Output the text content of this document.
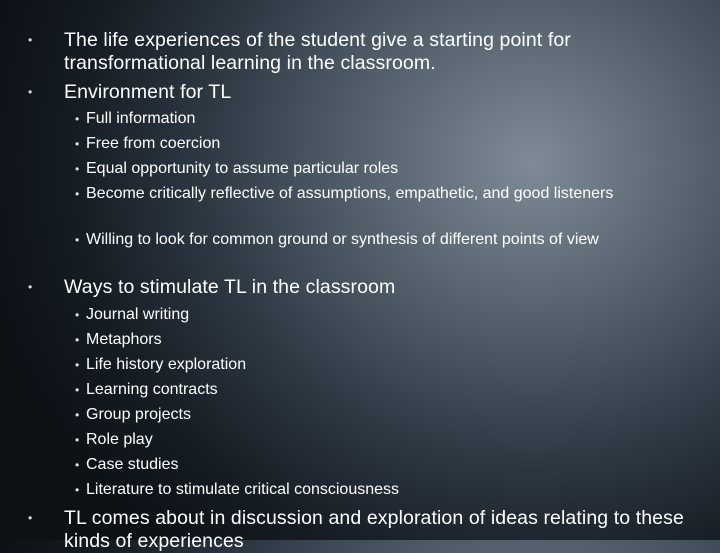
• The life experiences of the student give a starting point for transformational learning in the classroom.
• Environment for TL
• Full information
• Free from coercion
• Equal opportunity to assume particular roles
• Become critically reflective of assumptions, empathetic, and good listeners
• Willing to look for common ground or synthesis of different points of view
• Ways to stimulate TL in the classroom
• Journal writing
• Metaphors
• Life history exploration
• Learning contracts
• Group projects
• Role play
• Case studies
• Literature to stimulate critical consciousness
• TL comes about in discussion and exploration of ideas relating to these kinds of experiences
